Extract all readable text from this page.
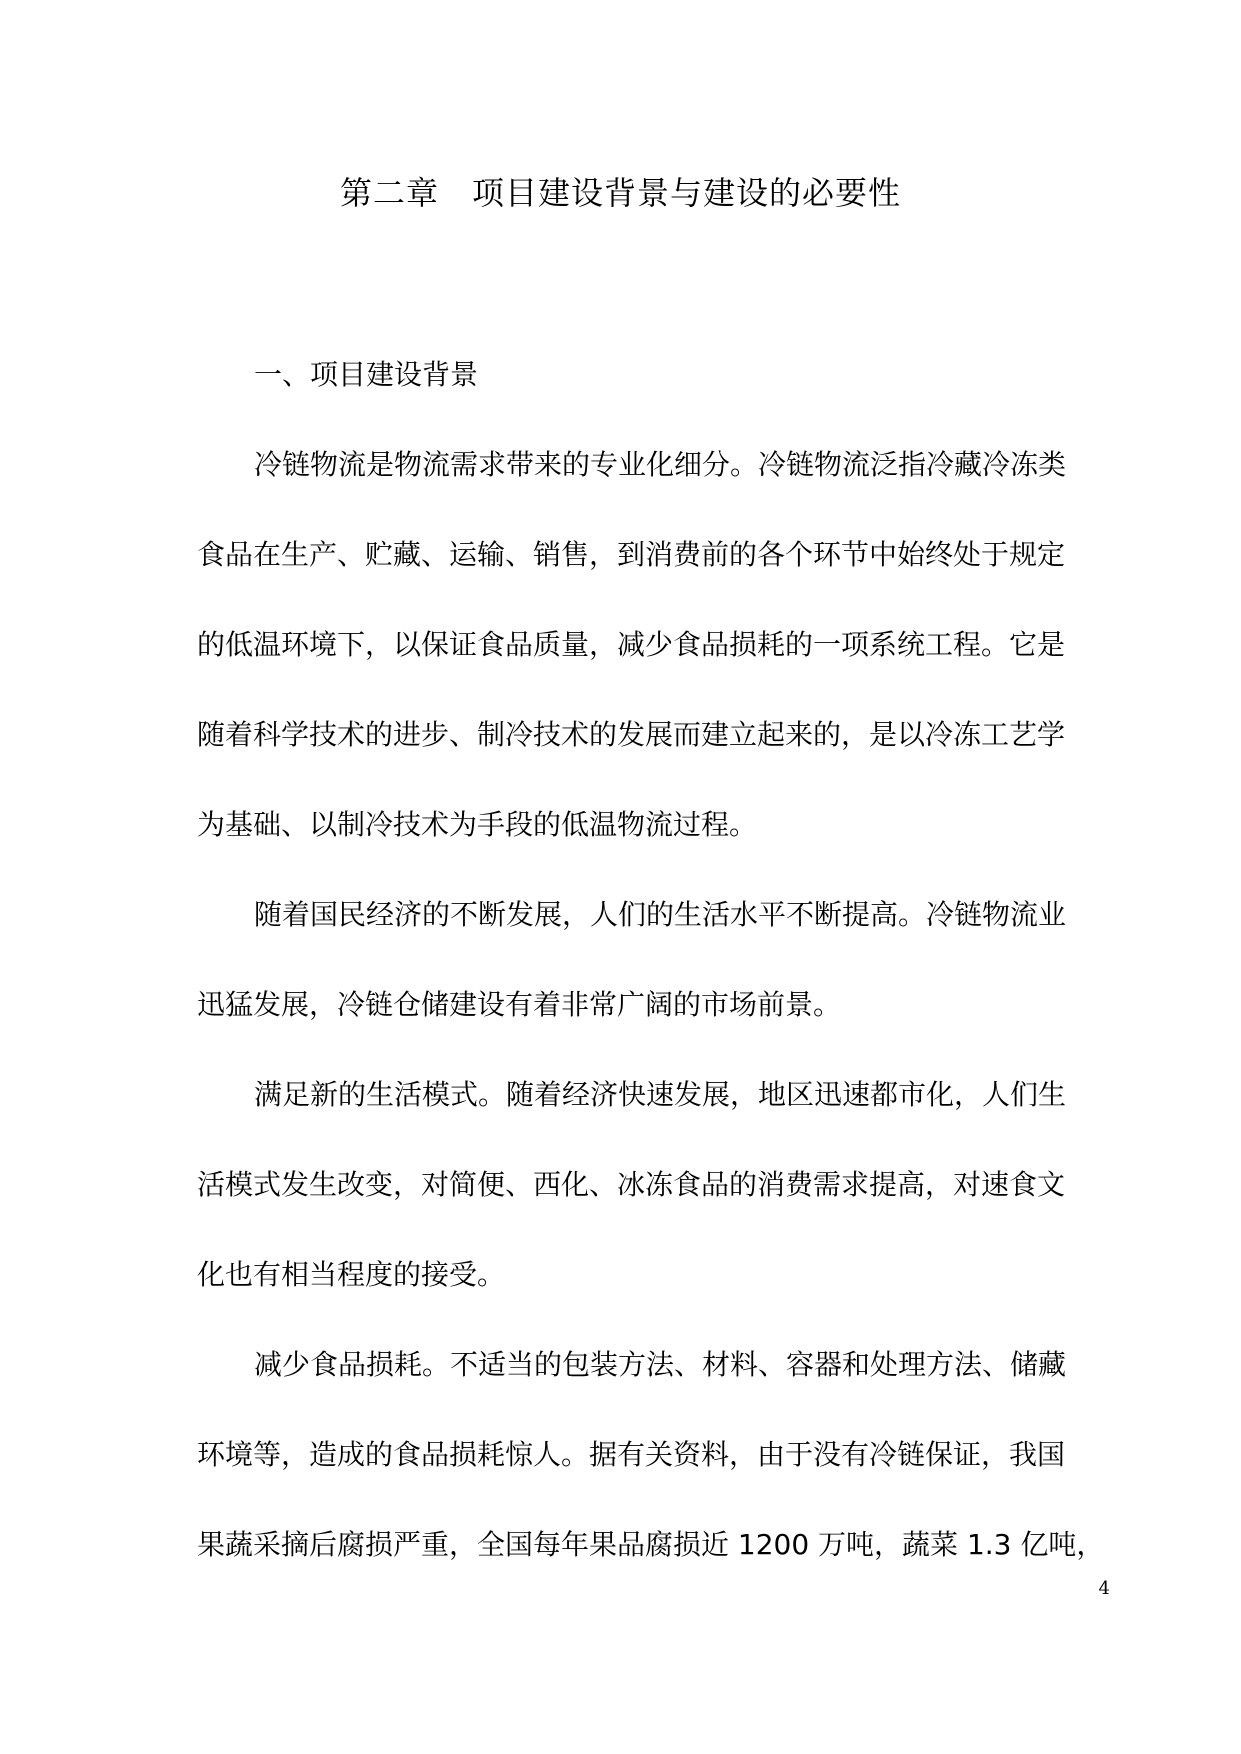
第二章　项目建设背景与建设的必要性
一、项目建设背景
冷链物流是物流需求带来的专业化细分。冷链物流泛指冷藏冷冻类
食品在生产、贮藏、运输、销售，到消费前的各个环节中始终处于规定
的低温环境下，以保证食品质量，减少食品损耗的一项系统工程。它是
随着科学技术的进步、制冷技术的发展而建立起来的，是以冷冻工艺学
为基础、以制冷技术为手段的低温物流过程。
随着国民经济的不断发展，人们的生活水平不断提高。冷链物流业
迅猛发展，冷链仓储建设有着非常广阔的市场前景。
满足新的生活模式。随着经济快速发展，地区迅速都市化，人们生
活模式发生改变，对简便、西化、冰冻食品的消费需求提高，对速食文
化也有相当程度的接受。
减少食品损耗。不适当的包装方法、材料、容器和处理方法、储藏
环境等，造成的食品损耗惊人。据有关资料，由于没有冷链保证，我国
果蔬采摘后腐损严重，全国每年果品腐损近 1200 万吨，蔬菜 1.3 亿吨，
4
